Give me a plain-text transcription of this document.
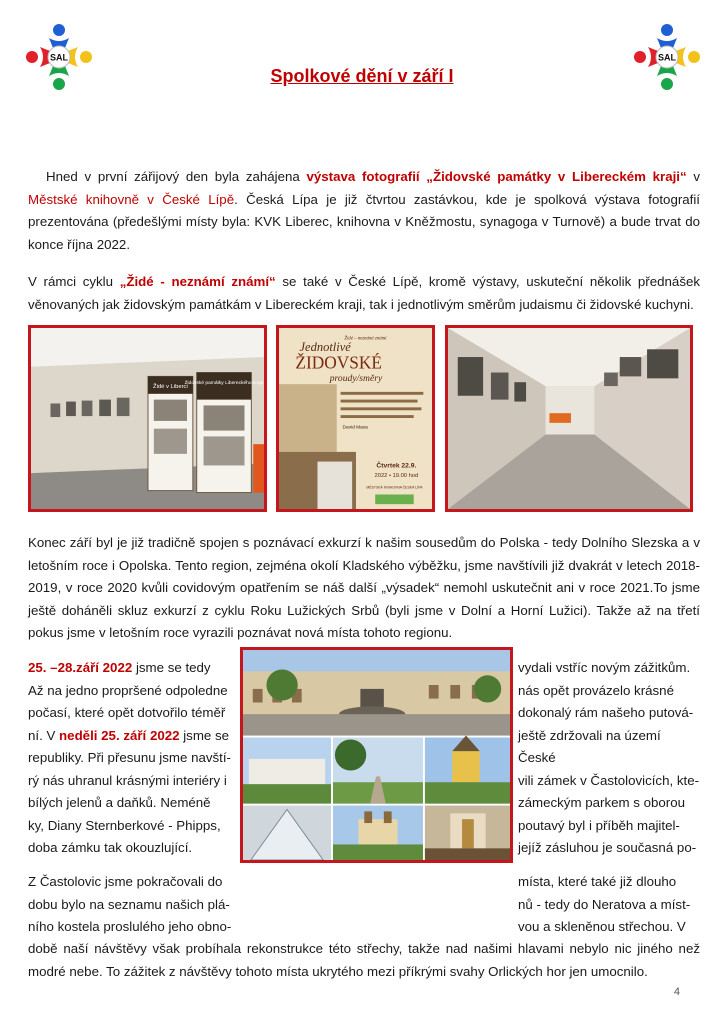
SAL	SAL
Spolkové dění v září I
Hned v první zářijový den byla zahájena výstava fotografií „Židovské památky v Libereckém kraji“ v Městské knihovně v České Lípě. Česká Lípa je již čtvrtou zastávkou, kde je spolková výstava fotografií prezentována (předešlými místy byla: KVK Liberec, knihovna v Kněžmostu, synagoga v Turnově) a bude trvat do konce října 2022.
V rámci cyklu „Židé - neznámí známí“ se také v České Lípě, kromě výstavy, uskuteční několik přednášek věnovaných jak židovským památkám v Libereckém kraji, tak i jednotlivým směrům judaismu či židovské kuchyni.
Židé v Liberci
Židovské památky Libereckého kraje
Židé – neznámí známí
Jednotlivé
ŽIDOVSKÉ
proudy/směry
David Maxa
Čtvrtek 22.9.
2022 • 19.00 hod
MĚSTSKÁ KNIHOVNA ČESKÁ LÍPA
Konec září byl je již tradičně spojen s poznávací exkurzí k našim sousedům do Polska - tedy Dolního Slezska a v letošním roce i Opolska. Tento region, zejména okolí Kladského výběžku, jsme navštívili již dvakrát v letech 2018-2019, v roce 2020 kvůli covidovým opatřením se náš další „výsadek“ nemohl uskutečnit ani v roce 2021.To jsme ještě doháněli skluz exkurzí z cyklu Roku Lužických Srbů (byli jsme v Dolní a Horní Lužici). Takže až na třetí pokus jsme v letošním roce vyrazili poznávat nová místa tohoto regionu.
25. –28.září 2022 jsme se tedy
Až na jedno propršené odpoledne
počasí, které opět dotvořilo téměř
ní. V neděli 25. září 2022 jsme se
republiky. Při přesunu jsme navští-
rý nás uhranul krásnými interiéry i
bílých jelenů a daňků. Neméně
ky, Diany Sternberkové - Phipps,
doba zámku tak okouzlující.
vydali vstříc novým zážitkům.
nás opět provázelo krásné
dokonalý rám našeho putová-
ještě zdržovali na území České
vili zámek v Častolovicích, kte-
zámeckým parkem s oborou
poutavý byl i příběh majitel-
jejíž zásluhou je současná po-
Z Častolovic jsme pokračovali do
dobu bylo na seznamu našich plá-
ního kostela proslulého jeho obno-
místa, které také již dlouho
nů - tedy do Neratova a míst-
vou a skleněnou střechou. V
době naší návštěvy však probíhala rekonstrukce této střechy, takže nad našimi hlavami nebylo nic jiného než modré nebe. To zážitek z návštěvy tohoto místa ukrytého mezi příkrými svahy Orlických hor jen umocnilo.
4
